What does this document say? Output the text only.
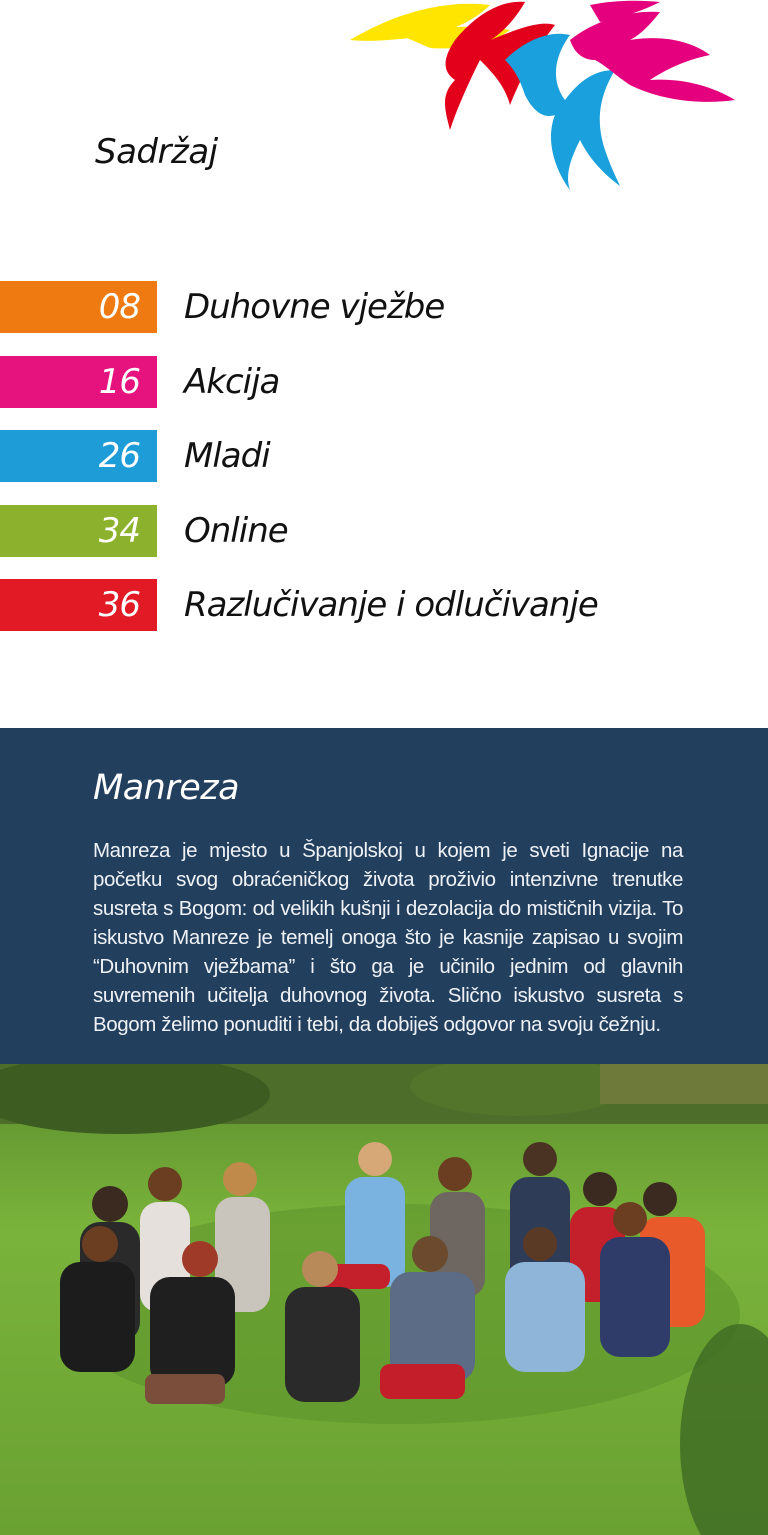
Sadržaj
08	Duhovne vježbe
16	Akcija
26	Mladi
34	Online
36	Razlučivanje i odlučivanje
Manreza

Manreza je mjesto u Španjolskoj u kojem je sveti Ignacije na početku svog obraćeničkog života proživio intenzivne trenutke susreta s Bogom: od velikih kušnji i dezolacija do mističnih vizija. To iskustvo Manreze je temelj onoga što je kasnije zapisao u svojim “Duhovnim vježbama” i što ga je učinilo jednim od glavnih suvremenih učitelja duhovnog života. Slično iskustvo susreta s Bogom želimo ponuditi i tebi, da dobiješ odgovor na svoju čežnju.
